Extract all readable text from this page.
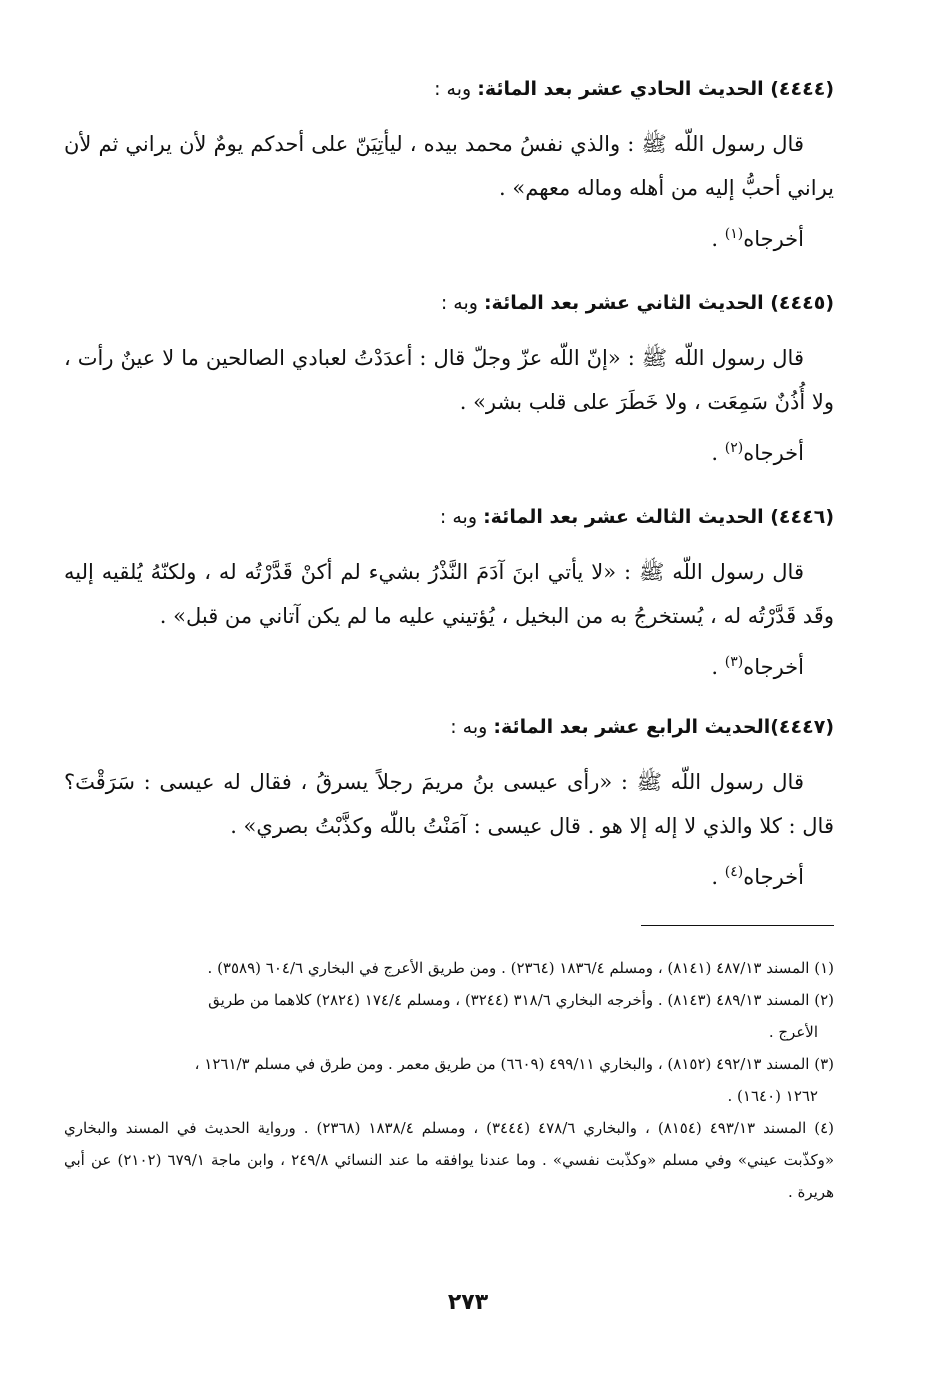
(٤٤٤٤) الحديث الحادي عشر بعد المائة: وبه :
قال رسول اللّه ﷺ : والذي نفسُ محمد بيده ، ليأتِيَنّ على أحدكم يومٌ لأن يراني ثم لأن يراني أحبُّ إليه من أهله وماله معهم» .
أخرجاه$^{(١)}$ .
(٤٤٤٥) الحديث الثاني عشر بعد المائة: وبه :
قال رسول اللّه ﷺ : «إنّ اللّه عزّ وجلّ قال : أعدَدْتُ لعبادي الصالحين ما لا عينٌ رأت ، ولا أُذُنٌ سَمِعَت ، ولا خَطَرَ على قلب بشر» .
أخرجاه$^{(٢)}$ .
(٤٤٤٦) الحديث الثالث عشر بعد المائة: وبه :
قال رسول اللّه ﷺ : «لا يأتي ابنَ آدَمَ النَّذْرُ بشيء لم أكنْ قَدَّرْتُه له ، ولكنّهُ يُلقيه إليه وقَد قَدَّرْتُه له ، يُستخرجُ به من البخيل ، يُؤتيني عليه ما لم يكن آتاني من قبل» .
أخرجاه$^{(٣)}$ .
(٤٤٤٧)الحديث الرابع عشر بعد المائة: وبه :
قال رسول اللّه ﷺ : «رأى عيسى بنُ مريمَ رجلاً يسرقُ ، فقال له عيسى : سَرَقْتَ؟ قال : كلا والذي لا إله إلا هو . قال عيسى : آمَنْتُ باللّه وكذَّبْتُ بصري» .
أخرجاه$^{(٤)}$ .

(١) المسند ٤٨٧/١٣ (٨١٤١) ، ومسلم ١٨٣٦/٤ (٢٣٦٤) . ومن طريق الأعرج في البخاري ٦٠٤/٦ (٣٥٨٩) .

(٢) المسند ٤٨٩/١٣ (٨١٤٣) . وأخرجه البخاري ٣١٨/٦ (٣٢٤٤) ، ومسلم ١٧٤/٤ (٢٨٢٤) كلاهما من طريق
الأعرج .

(٣) المسند ٤٩٢/١٣ (٨١٥٢) ، والبخاري ٤٩٩/١١ (٦٦٠٩) من طريق معمر . ومن طرق في مسلم ١٢٦١/٣ ،
١٢٦٢ (١٦٤٠) .

(٤) المسند ٤٩٣/١٣ (٨١٥٤) ، والبخاري ٤٧٨/٦ (٣٤٤٤) ، ومسلم ١٨٣٨/٤ (٢٣٦٨) . ورواية الحديث في المسند والبخاري «وكذّبت عيني» وفي مسلم «وكذّبت نفسي» . وما عندنا يوافقه ما عند النسائي ٢٤٩/٨ ، وابن ماجة ٦٧٩/١ (٢١٠٢) عن أبي هريرة .

٢٧٣
